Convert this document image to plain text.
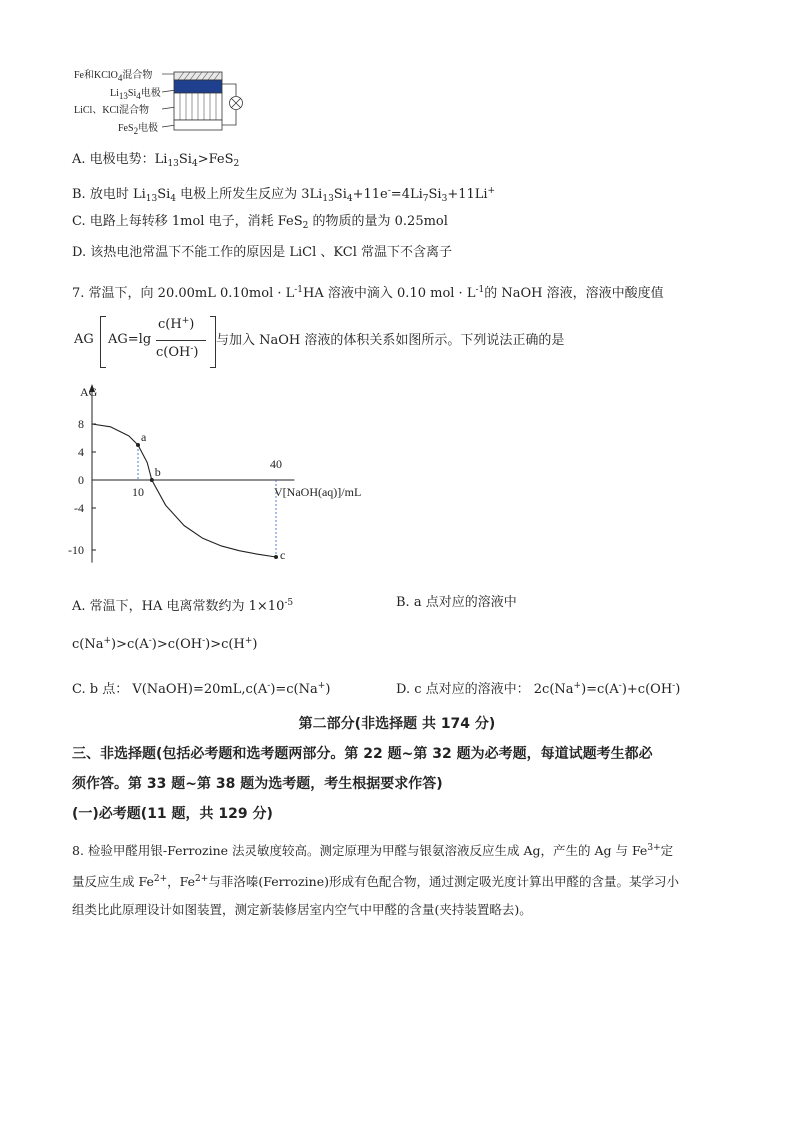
Fe和KClO4混合物
Li13Si4电极
LiCl、KCl混合物
FeS2电极
A. 电极电势：$Li_{13}Si_4>FeS_2$
B. 放电时 $Li_{13}Si_4$ 电极上所发生反应为 $3Li_{13}Si_4+11e^-=4Li_7Si_3+11Li^+$
C. 电路上每转移 1mol 电子，消耗 FeS$_2$ 的物质的量为 0.25mol
D. 该热电池常温下不能工作的原因是 LiCl 、KCl 常温下不含离子
7. 常温下，向 20.00mL $0.10mol \cdot L^{-1}HA$ 溶液中滴入 0.10 mol · $L^{-1}$的 NaOH 溶液，溶液中酸度值
AG AG=lg
c(H+)
c(OH-)
与加入 NaOH 溶液的体积关系如图所示。下列说法正确的是
AG
8
4
0
-4
-10
a
b
c
10
40
V[NaOH(aq)]/mL
A. 常温下，HA 电离常数约为 $1\times 10^{-5}$	B. a 点对应的溶液中
c(Na+)>c(A-)>c(OH-)>c(H+)
C. b 点： V(NaOH)=20mL,c(A-)=c(Na+)	D. c 点对应的溶液中： 2c(Na+)=c(A-)+c(OH-)
第二部分(非选择题 共 174 分)
三、非选择题(包括必考题和选考题两部分。第 22 题~第 32 题为必考题，每道试题考生都必
须作答。第 33 题~第 38 题为选考题，考生根据要求作答)
(一)必考题(11 题，共 129 分)
8. 检验甲醛用银-Ferrozine 法灵敏度较高。测定原理为甲醛与银氨溶液反应生成 Ag，产生的 Ag 与 $Fe^{3+}$定
量反应生成 $Fe^{2+}$，$Fe^{2+}$与菲洛嗪(Ferrozine)形成有色配合物，通过测定吸光度计算出甲醛的含量。某学习小
组类比此原理设计如图装置，测定新装修居室内空气中甲醛的含量(夹持装置略去)。
